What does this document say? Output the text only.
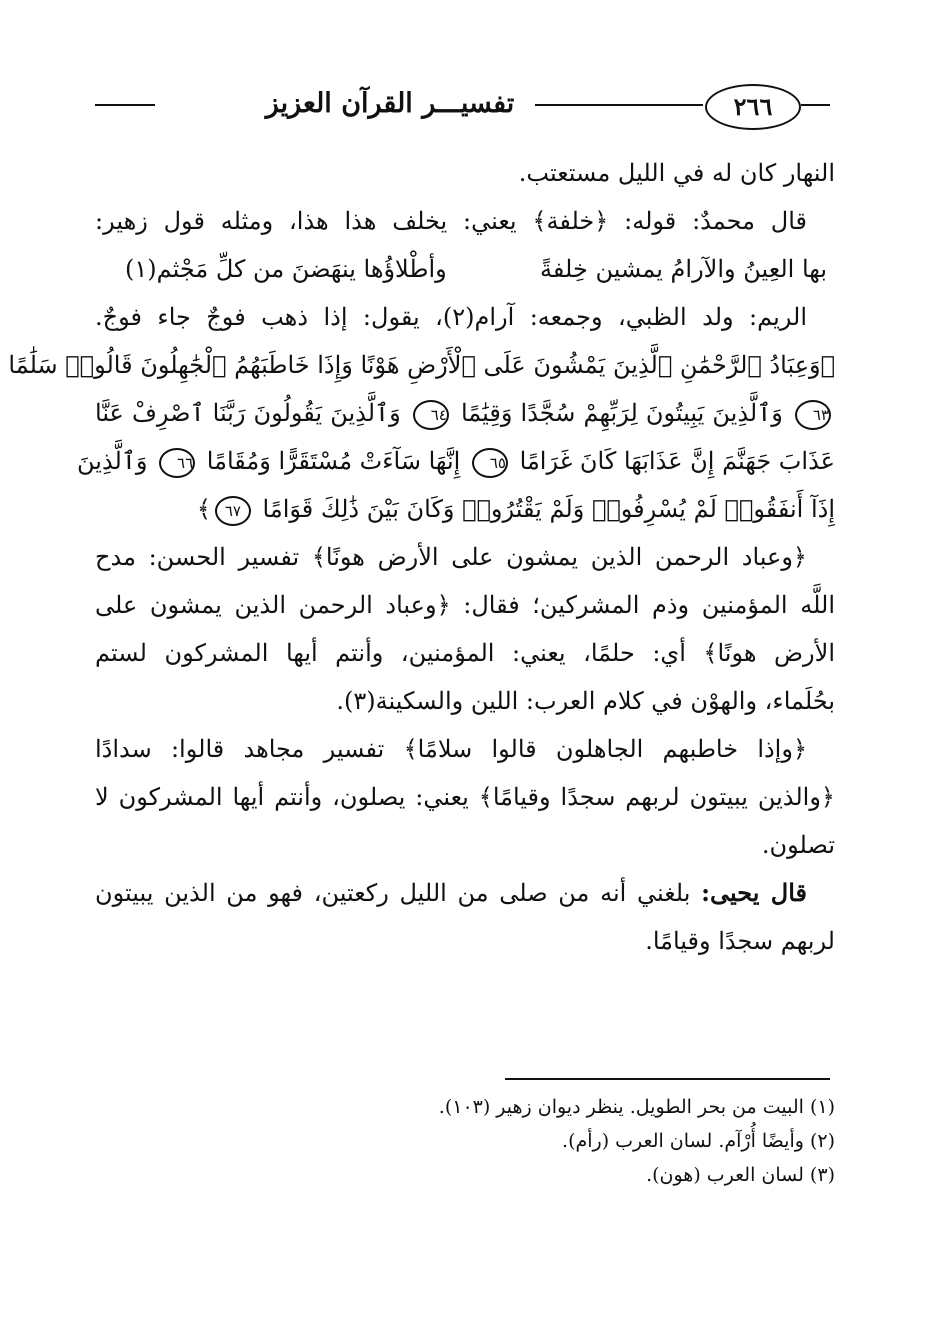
تفسيـــر القرآن العزيز	٢٦٦
النهار كان له في الليل مستعتب.
قال محمدٌ: قوله: ﴿خلفة﴾ يعني: يخلف هذا هذا، ومثله قول زهير:
بها العِينُ والآرامُ يمشين خِلفةً
وأطْلاؤُها ينهَضنَ من كلِّ مَجْثم(١)
الريم: ولد الظبي، وجمعه: آرام(٢)، يقول: إذا ذهب فوجٌ جاء فوجٌ.
﴿وَعِبَادُ ٱلرَّحْمَٰنِ ٱلَّذِينَ يَمْشُونَ عَلَى ٱلْأَرْضِ هَوْنًا وَإِذَا خَاطَبَهُمُ ٱلْجَٰهِلُونَ قَالُوا۟ سَلَٰمًا
٦٣ وَٱلَّذِينَ يَبِيتُونَ لِرَبِّهِمْ سُجَّدًا وَقِيَٰمًا ٦٤ وَٱلَّذِينَ يَقُولُونَ رَبَّنَا ٱصْرِفْ عَنَّا
عَذَابَ جَهَنَّمَ إِنَّ عَذَابَهَا كَانَ غَرَامًا ٦٥ إِنَّهَا سَآءَتْ مُسْتَقَرًّا وَمُقَامًا ٦٦ وَٱلَّذِينَ
إِذَآ أَنفَقُوا۟ لَمْ يُسْرِفُوا۟ وَلَمْ يَقْتُرُوا۟ وَكَانَ بَيْنَ ذَٰلِكَ قَوَامًا ٦٧﴾
﴿وعباد الرحمن الذين يمشون على الأرض هونًا﴾ تفسير الحسن: مدح
اللَّه المؤمنين وذم المشركين؛ فقال: ﴿وعباد الرحمن الذين يمشون على
الأرض هونًا﴾ أي: حلمًا، يعني: المؤمنين، وأنتم أيها المشركون لستم
بحُلَماء، والهوْن في كلام العرب: اللين والسكينة(٣).
﴿وإذا خاطبهم الجاهلون قالوا سلامًا﴾ تفسير مجاهد قالوا: سدادًا
﴿والذين يبيتون لربهم سجدًا وقيامًا﴾ يعني: يصلون، وأنتم أيها المشركون لا
تصلون.
قال يحيى: بلغني أنه من صلى من الليل ركعتين، فهو من الذين يبيتون
لربهم سجدًا وقيامًا.
(١) البيت من بحر الطويل. ينظر ديوان زهير (١٠٣).
(٢) وأيضًا أُرْآم. لسان العرب (رأم).
(٣) لسان العرب (هون).
